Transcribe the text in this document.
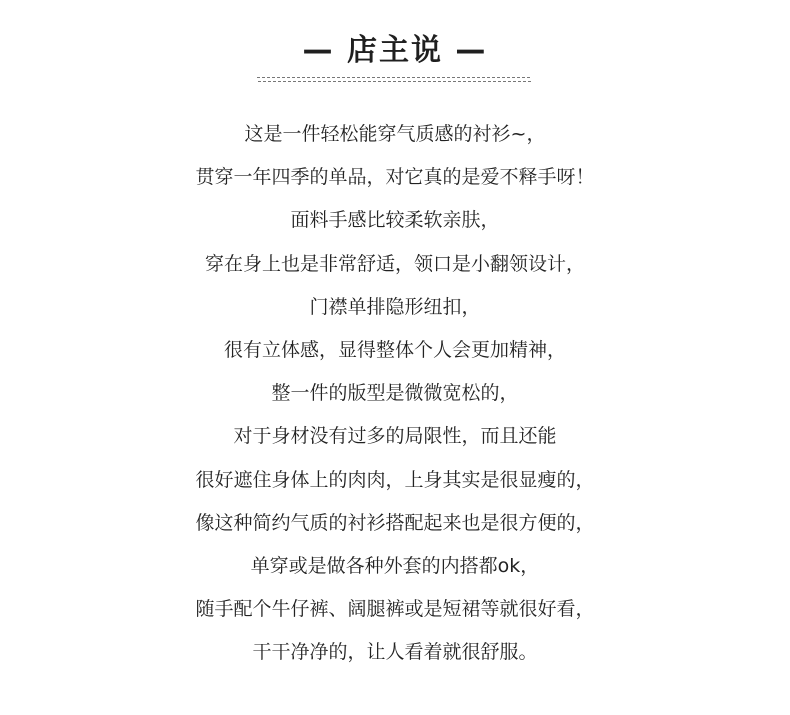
— 店主说 —
这是一件轻松能穿气质感的衬衫~，
贯穿一年四季的单品，对它真的是爱不释手呀！
面料手感比较柔软亲肤，
穿在身上也是非常舒适，领口是小翻领设计，
门襟单排隐形纽扣，
很有立体感，显得整体个人会更加精神，
整一件的版型是微微宽松的，
对于身材没有过多的局限性，而且还能
很好遮住身体上的肉肉，上身其实是很显瘦的，
像这种简约气质的衬衫搭配起来也是很方便的，
单穿或是做各种外套的内搭都ok，
随手配个牛仔裤、阔腿裤或是短裙等就很好看，
干干净净的，让人看着就很舒服。
